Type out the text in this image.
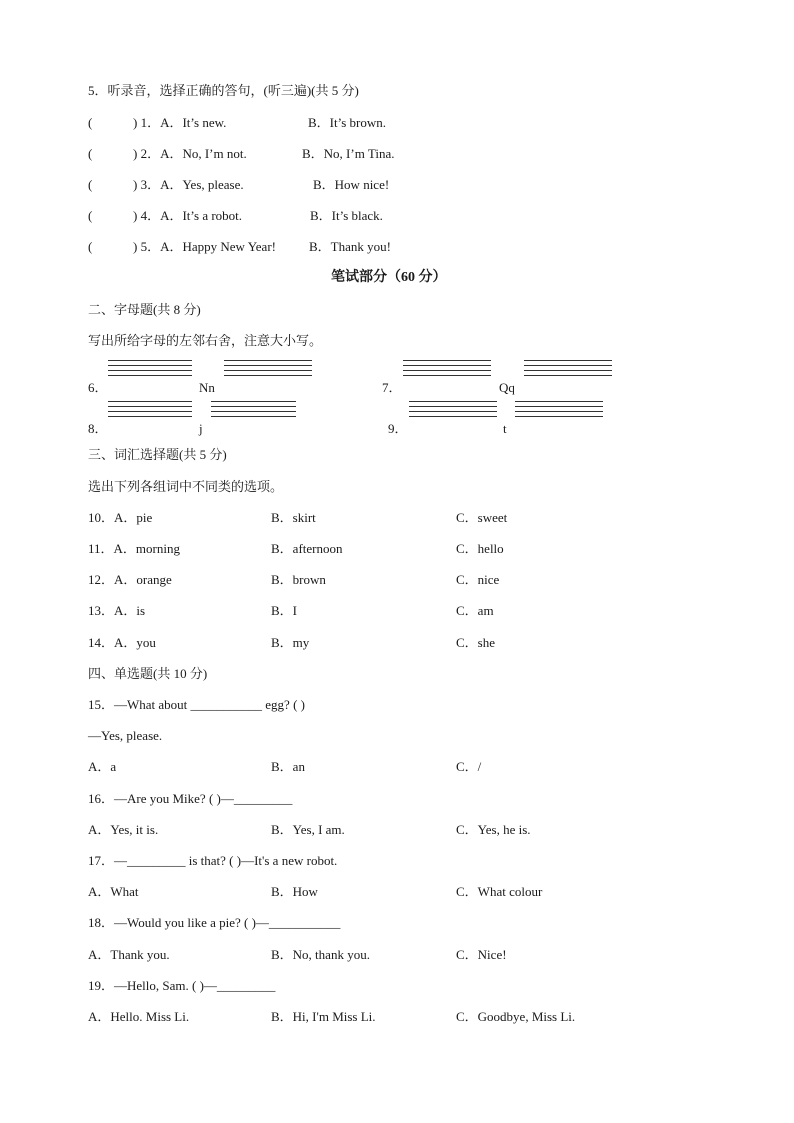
5．听录音，选择正确的答句，(听三遍)(共 5 分)
(	) 1．A．It’s new.	B．It’s brown.
(	) 2．A．No, I’m not.	B．No, I’m Tina.
(	) 3．A．Yes, please.	B．How nice!
(	) 4．A．It’s a robot.	B．It’s black.
(	) 5．A．Happy New Year!	B．Thank you!
笔试部分（60 分）
二、字母题(共 8 分)
写出所给字母的左邻右舍，注意大小写。
6．	Nn	7．	Qq
8．	j	9．	t
三、词汇选择题(共 5 分)
选出下列各组词中不同类的选项。
10．A．pie	B．skirt	C．sweet
11．A．morning	B．afternoon	C．hello
12．A．orange	B．brown	C．nice
13．A．is	B．I	C．am
14．A．you	B．my	C．she
四、单选题(共 10 分)
15．—What about ___________ egg? ( )
—Yes, please.
A．a	B．an	C．/
16．—Are you Mike? ( )—_________
A．Yes, it is.	B．Yes, I am.	C．Yes, he is.
17．—_________ is that? ( )—It's a new robot.
A．What	B．How	C．What colour
18．—Would you like a pie? ( )—___________
A．Thank you.	B．No, thank you.	C．Nice!
19．—Hello, Sam. ( )—_________
A．Hello. Miss Li.	B．Hi, I'm Miss Li.	C．Goodbye, Miss Li.
